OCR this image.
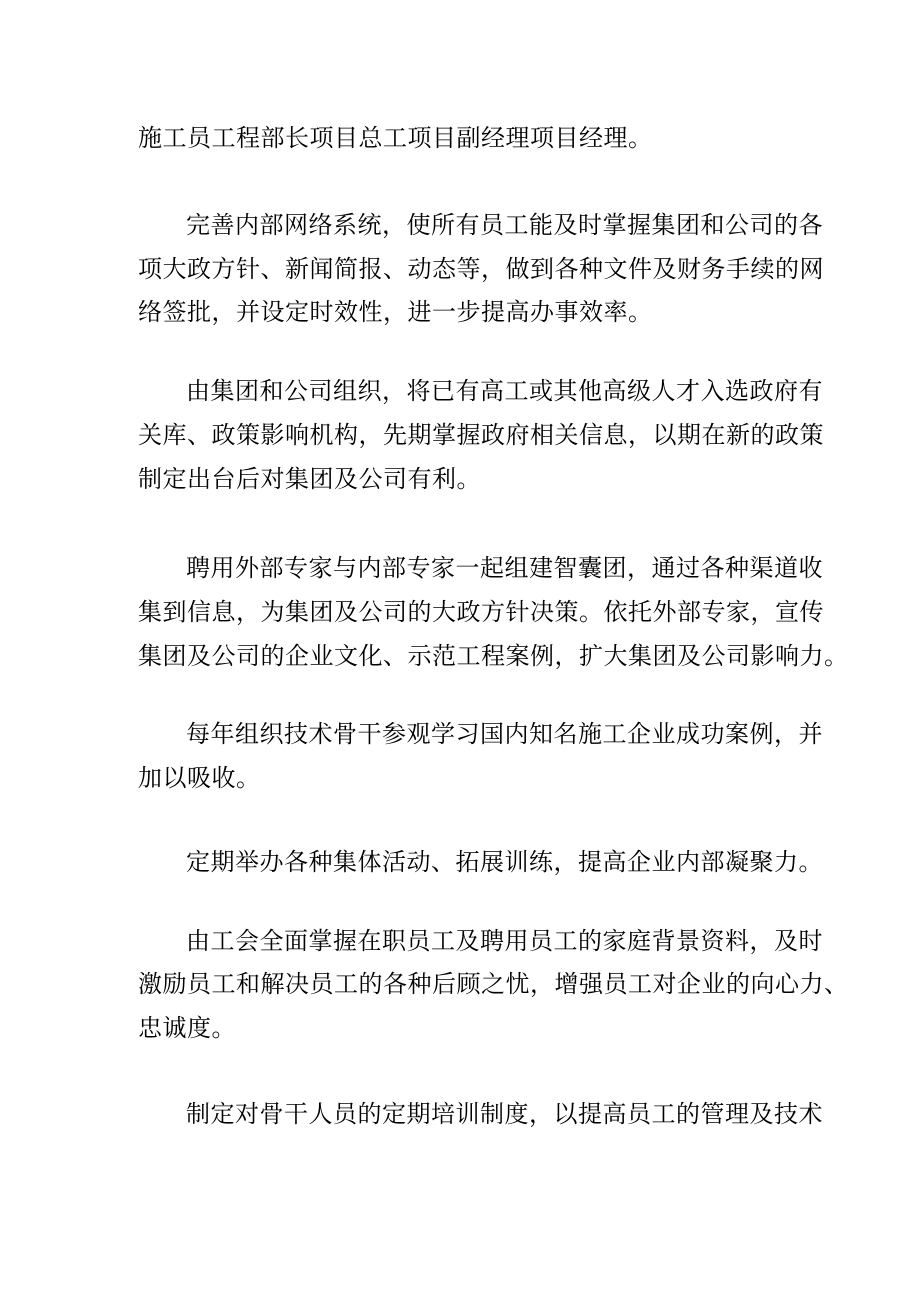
施工员工程部长项目总工项目副经理项目经理。
完善内部网络系统，使所有员工能及时掌握集团和公司的各
项大政方针、新闻简报、动态等，做到各种文件及财务手续的网
络签批，并设定时效性，进一步提高办事效率。
由集团和公司组织，将已有高工或其他高级人才入选政府有
关库、政策影响机构，先期掌握政府相关信息，以期在新的政策
制定出台后对集团及公司有利。
聘用外部专家与内部专家一起组建智囊团，通过各种渠道收
集到信息，为集团及公司的大政方针决策。依托外部专家，宣传
集团及公司的企业文化、示范工程案例，扩大集团及公司影响力。
每年组织技术骨干参观学习国内知名施工企业成功案例，并
加以吸收。
定期举办各种集体活动、拓展训练，提高企业内部凝聚力。
由工会全面掌握在职员工及聘用员工的家庭背景资料，及时
激励员工和解决员工的各种后顾之忧，增强员工对企业的向心力、
忠诚度。
制定对骨干人员的定期培训制度，以提高员工的管理及技术
